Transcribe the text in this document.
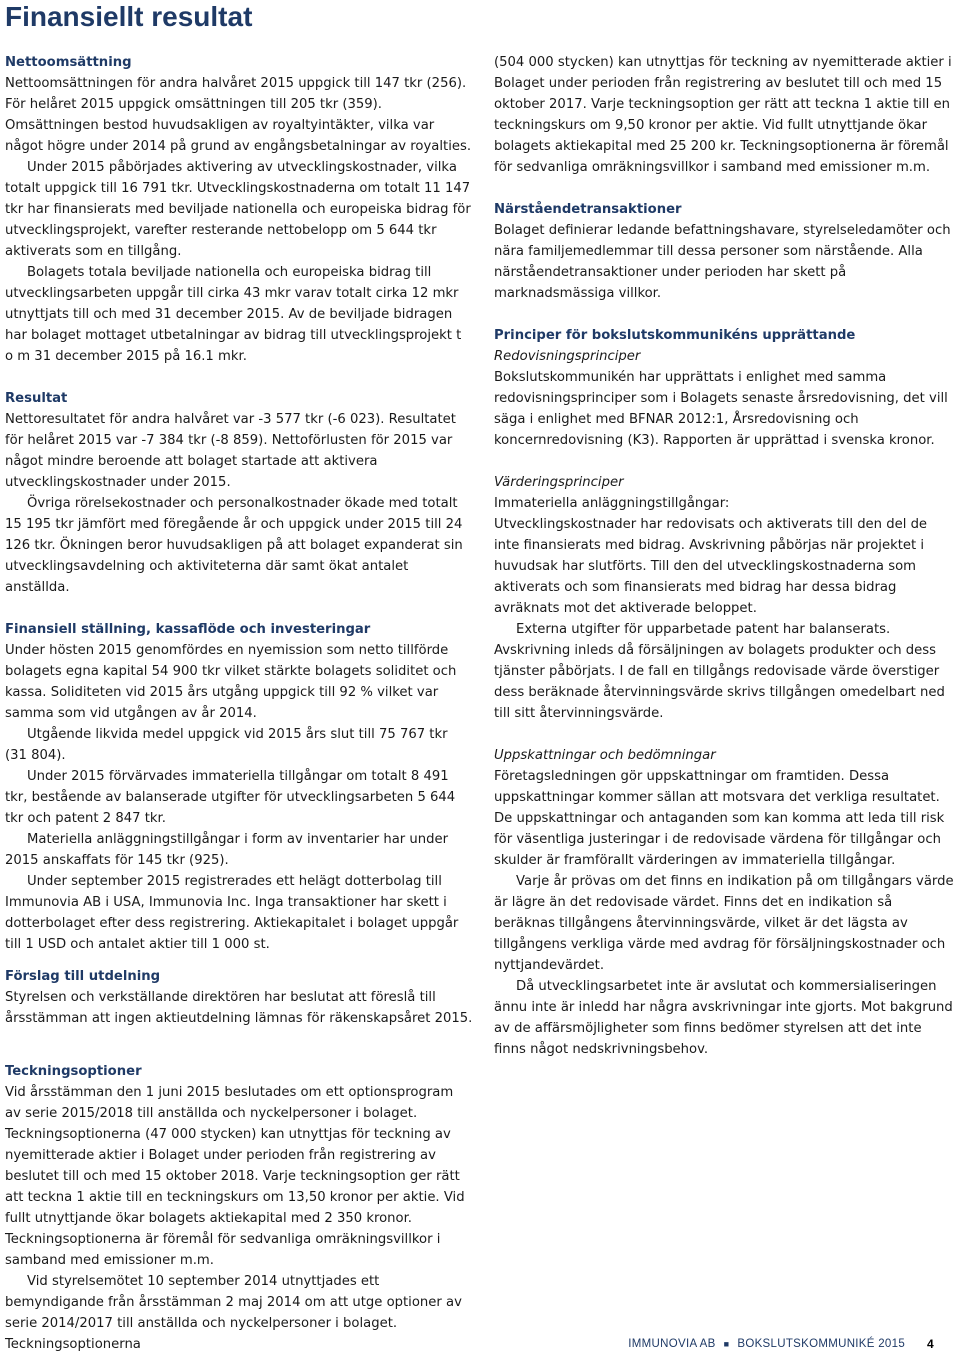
Finansiellt resultat
Nettoomsättning
Nettoomsättningen för andra halvåret 2015 uppgick till 147 tkr (256). För helåret 2015 uppgick omsättningen till 205 tkr (359). Omsättningen bestod huvudsakligen av royaltyintäkter, vilka var något högre under 2014 på grund av engångsbetalningar av royalties.
Under 2015 påbörjades aktivering av utvecklingskostnader, vilka totalt uppgick till 16 791 tkr. Utvecklingskostnaderna om totalt 11 147 tkr har finansierats med beviljade nationella och europeiska bidrag för utvecklingsprojekt, varefter resterande nettobelopp om 5 644 tkr aktiverats som en tillgång.
Bolagets totala beviljade nationella och europeiska bidrag till utvecklingsarbeten uppgår till cirka 43 mkr varav totalt cirka 12 mkr utnyttjats till och med 31 december 2015. Av de beviljade bidragen har bolaget mottaget utbetalningar av bidrag till utvecklingsprojekt t o m 31 december 2015 på 16.1 mkr.
Resultat
Nettoresultatet för andra halvåret var -3 577 tkr (-6 023). Resultatet för helåret 2015 var -7 384 tkr (-8 859). Nettoförlusten för 2015 var något mindre beroende att bolaget startade att aktivera utvecklingskostnader under 2015.
Övriga rörelsekostnader och personalkostnader ökade med totalt 15 195 tkr jämfört med föregående år och uppgick under 2015 till 24 126 tkr. Ökningen beror huvudsakligen på att bolaget expanderat sin utvecklingsavdelning och aktiviteterna där samt ökat antalet anställda.
Finansiell ställning, kassaflöde och investeringar
Under hösten 2015 genomfördes en nyemission som netto tillförde bolagets egna kapital 54 900 tkr vilket stärkte bolagets soliditet och kassa. Soliditeten vid 2015 års utgång uppgick till 92 % vilket var samma som vid utgången av år 2014.
Utgående likvida medel uppgick vid 2015 års slut till 75 767 tkr (31 804).
Under 2015 förvärvades immateriella tillgångar om totalt 8 491 tkr, bestående av balanserade utgifter för utvecklingsarbeten 5 644 tkr och patent 2 847 tkr.
Materiella anläggningstillgångar i form av inventarier har under 2015 anskaffats för 145 tkr (925).
Under september 2015 registrerades ett helägt dotterbolag till Immunovia AB i USA, Immunovia Inc. Inga transaktioner har skett i dotterbolaget efter dess registrering. Aktiekapitalet i bolaget uppgår till 1 USD och antalet aktier till 1 000 st.
Förslag till utdelning
Styrelsen och verkställande direktören har beslutat att föreslå till årsstämman att ingen aktieutdelning lämnas för räkenskapsåret 2015.
Teckningsoptioner
Vid årsstämman den 1 juni 2015 beslutades om ett optionsprogram av serie 2015/2018 till anställda och nyckelpersoner i bolaget. Teckningsoptionerna (47 000 stycken) kan utnyttjas för teckning av nyemitterade aktier i Bolaget under perioden från registrering av beslutet till och med 15 oktober 2018. Varje teckningsoption ger rätt att teckna 1 aktie till en teckningskurs om 13,50 kronor per aktie. Vid fullt utnyttjande ökar bolagets aktiekapital med 2 350 kronor. Teckningsoptionerna är föremål för sedvanliga omräkningsvillkor i samband med emissioner m.m.
Vid styrelsemötet 10 september 2014 utnyttjades ett bemyndigande från årsstämman 2 maj 2014 om att utge optioner av serie 2014/2017 till anställda och nyckelpersoner i bolaget. Teckningsoptionerna
(504 000 stycken) kan utnyttjas för teckning av nyemitterade aktier i Bolaget under perioden från registrering av beslutet till och med 15 oktober 2017. Varje teckningsoption ger rätt att teckna 1 aktie till en teckningskurs om 9,50 kronor per aktie. Vid fullt utnyttjande ökar bolagets aktiekapital med 25 200 kr. Teckningsoptionerna är föremål för sedvanliga omräkningsvillkor i samband med emissioner m.m.
Närståendetransaktioner
Bolaget definierar ledande befattningshavare, styrelseledamöter och nära familjemedlemmar till dessa personer som närstående. Alla närståendetransaktioner under perioden har skett på marknadsmässiga villkor.
Principer för bokslutskommunikéns upprättande
Redovisningsprinciper
Bokslutskommunikén har upprättats i enlighet med samma redovisningsprinciper som i Bolagets senaste årsredovisning, det vill säga i enlighet med BFNAR 2012:1, Årsredovisning och koncernredovisning (K3). Rapporten är upprättad i svenska kronor.
Värderingsprinciper
Immateriella anläggningstillgångar:
Utvecklingskostnader har redovisats och aktiverats till den del de inte finansierats med bidrag. Avskrivning påbörjas när projektet i huvudsak har slutförts. Till den del utvecklingskostnaderna som aktiverats och som finansierats med bidrag har dessa bidrag avräknats mot det aktiverade beloppet.
Externa utgifter för upparbetade patent har balanserats. Avskrivning inleds då försäljningen av bolagets produkter och dess tjänster påbörjats. I de fall en tillgångs redovisade värde överstiger dess beräknade återvinningsvärde skrivs tillgången omedelbart ned till sitt återvinningsvärde.
Uppskattningar och bedömningar
Företagsledningen gör uppskattningar om framtiden. Dessa uppskattningar kommer sällan att motsvara det verkliga resultatet. De uppskattningar och antaganden som kan komma att leda till risk för väsentliga justeringar i de redovisade värdena för tillgångar och skulder är framförallt värderingen av immateriella tillgångar.
Varje år prövas om det finns en indikation på om tillgångars värde är lägre än det redovisade värdet. Finns det en indikation så beräknas tillgångens återvinningsvärde, vilket är det lägsta av tillgångens verkliga värde med avdrag för försäljningskostnader och nyttjandevärdet.
Då utvecklingsarbetet inte är avslutat och kommersialiseringen ännu inte är inledd har några avskrivningar inte gjorts. Mot bakgrund av de affärsmöjligheter som finns bedömer styrelsen att det inte finns något nedskrivningsbehov.
IMMUNOVIA AB ■ BOKSLUTSKOMMUNIKÉ 2015 4
